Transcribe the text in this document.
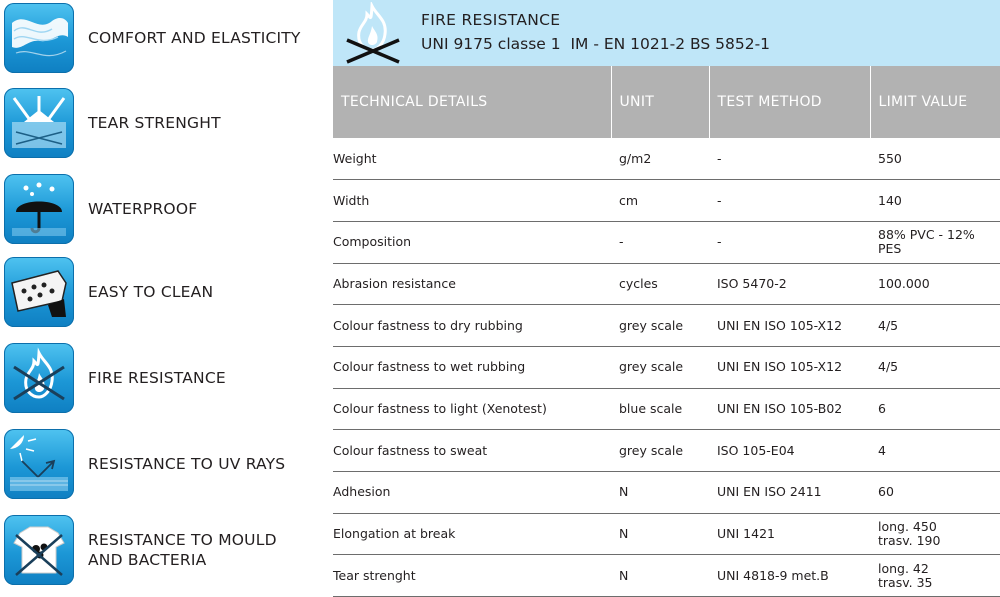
COMFORT AND ELASTICITY
TEAR STRENGHT
WATERPROOF
EASY TO CLEAN
FIRE RESISTANCE
RESISTANCE TO UV RAYS
RESISTANCE TO MOULD AND BACTERIA
FIRE RESISTANCE
UNI 9175 classe 1  IM - EN 1021-2 BS 5852-1
TECHNICAL DETAILS	UNIT	TEST METHOD	LIMIT VALUE
Weight	g/m2	-	550

Width	cm	-	140

Composition	-	-	88% PVC - 12% PES

Abrasion resistance	cycles	ISO 5470-2	100.000

Colour fastness to dry rubbing	grey scale	UNI EN ISO 105-X12	4/5

Colour fastness to wet rubbing	grey scale	UNI EN ISO 105-X12	4/5

Colour fastness to light (Xenotest)	blue scale	UNI EN ISO 105-B02	6

Colour fastness to sweat	grey scale	ISO 105-E04	4

Adhesion	N	UNI EN ISO 2411	60

Elongation at break	N	UNI 1421	long. 450
trasv. 190

Tear strenght	N	UNI 4818-9 met.B	long. 42
trasv. 35
